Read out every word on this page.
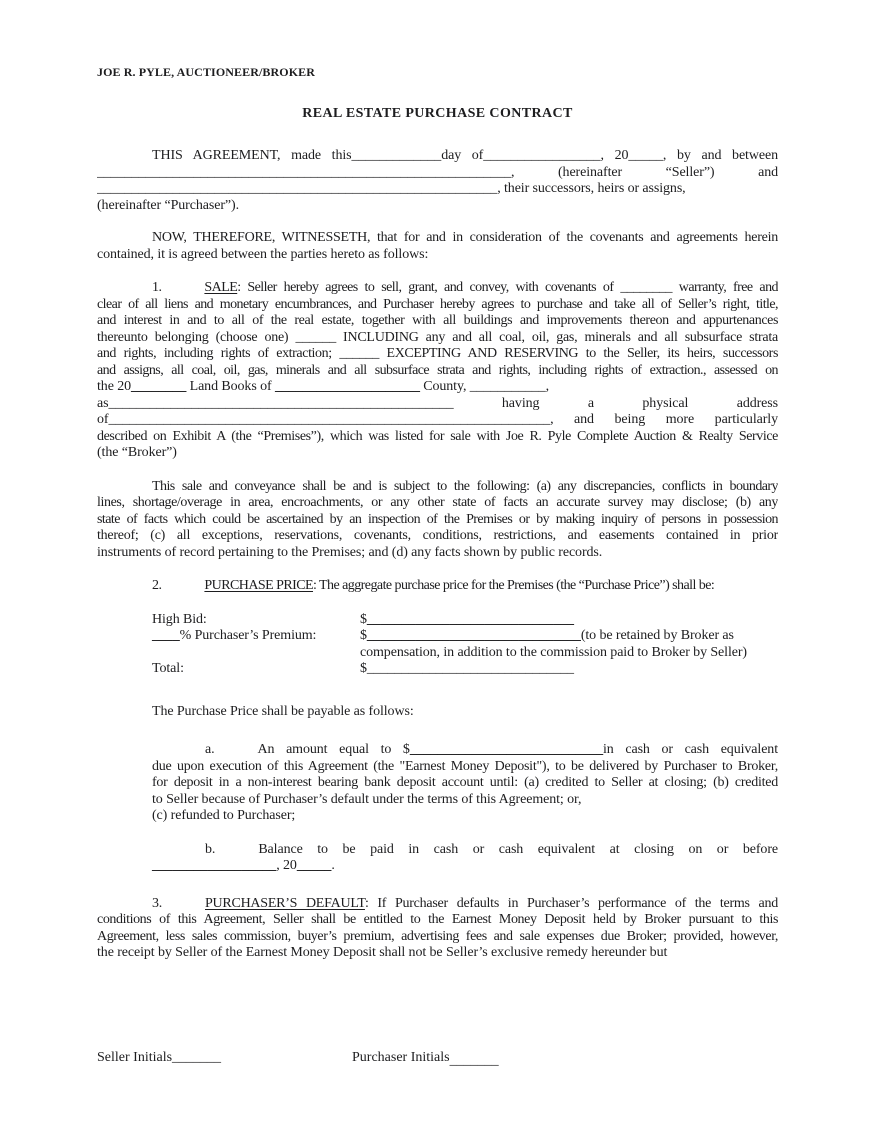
JOE R. PYLE, AUCTIONEER/BROKER
REAL ESTATE PURCHASE CONTRACT
THIS AGREEMENT, made this_____________day of_________________, 20_____, by and between
____________________________________________________________, (hereinafter “Seller”) and
__________________________________________________________, their successors, heirs or assigns,
(hereinafter “Purchaser”).
NOW, THEREFORE, WITNESSETH, that for and in consideration of the covenants and agreements herein
contained, it is agreed between the parties hereto as follows:
1.	SALE: Seller hereby agrees to sell, grant, and convey, with covenants of ________ warranty, free and
clear of all liens and monetary encumbrances, and Purchaser hereby agrees to purchase and take all of Seller’s right, title,
and interest in and to all of the real estate, together with all buildings and improvements thereon and appurtenances
thereunto belonging (choose one) ______ INCLUDING any and all coal, oil, gas, minerals and all subsurface strata
and rights, including rights of extraction; ______ EXCEPTING AND RESERVING to the Seller, its heirs, successors
and assigns, all coal, oil, gas, minerals and all subsurface strata and rights, including rights of extraction., assessed on
the 20________ Land Books of _____________________ County, ___________,
as__________________________________________________ having a physical address
of________________________________________________________________, and being more particularly
described on Exhibit A (the “Premises”), which was listed for sale with Joe R. Pyle Complete Auction & Realty Service
(the “Broker”)
This sale and conveyance shall be and is subject to the following: (a) any discrepancies, conflicts in boundary
lines, shortage/overage in area, encroachments, or any other state of facts an accurate survey may disclose; (b) any
state of facts which could be ascertained by an inspection of the Premises or by making inquiry of persons in possession
thereof; (c) all exceptions, reservations, covenants, conditions, restrictions, and easements contained in prior
instruments of record pertaining to the Premises; and (d) any facts shown by public records.
2.	PURCHASE PRICE: The aggregate purchase price for the Premises (the “Purchase Price”) shall be:
High Bid:	$______________________________
____% Purchaser’s Premium:	$_______________________________(to be retained by Broker as
compensation, in addition to the commission paid to Broker by Seller)
Total:	$______________________________
The Purchase Price shall be payable as follows:
a.	An amount equal to $____________________________in cash or cash equivalent
due upon execution of this Agreement (the "Earnest Money Deposit"), to be delivered by Purchaser to Broker,
for deposit in a non-interest bearing bank deposit account until: (a) credited to Seller at closing; (b) credited
to Seller because of Purchaser’s default under the terms of this Agreement; or,
(c) refunded to Purchaser;
b.	Balance to be paid in cash or cash equivalent at closing on or before
__________________, 20_____.
3.	PURCHASER’S DEFAULT: If Purchaser defaults in Purchaser’s performance of the terms and
conditions of this Agreement, Seller shall be entitled to the Earnest Money Deposit held by Broker pursuant to this
Agreement, less sales commission, buyer’s premium, advertising fees and sale expenses due Broker; provided, however,
the receipt by Seller of the Earnest Money Deposit shall not be Seller’s exclusive remedy hereunder but
Seller Initials_______	Purchaser Initials_______
